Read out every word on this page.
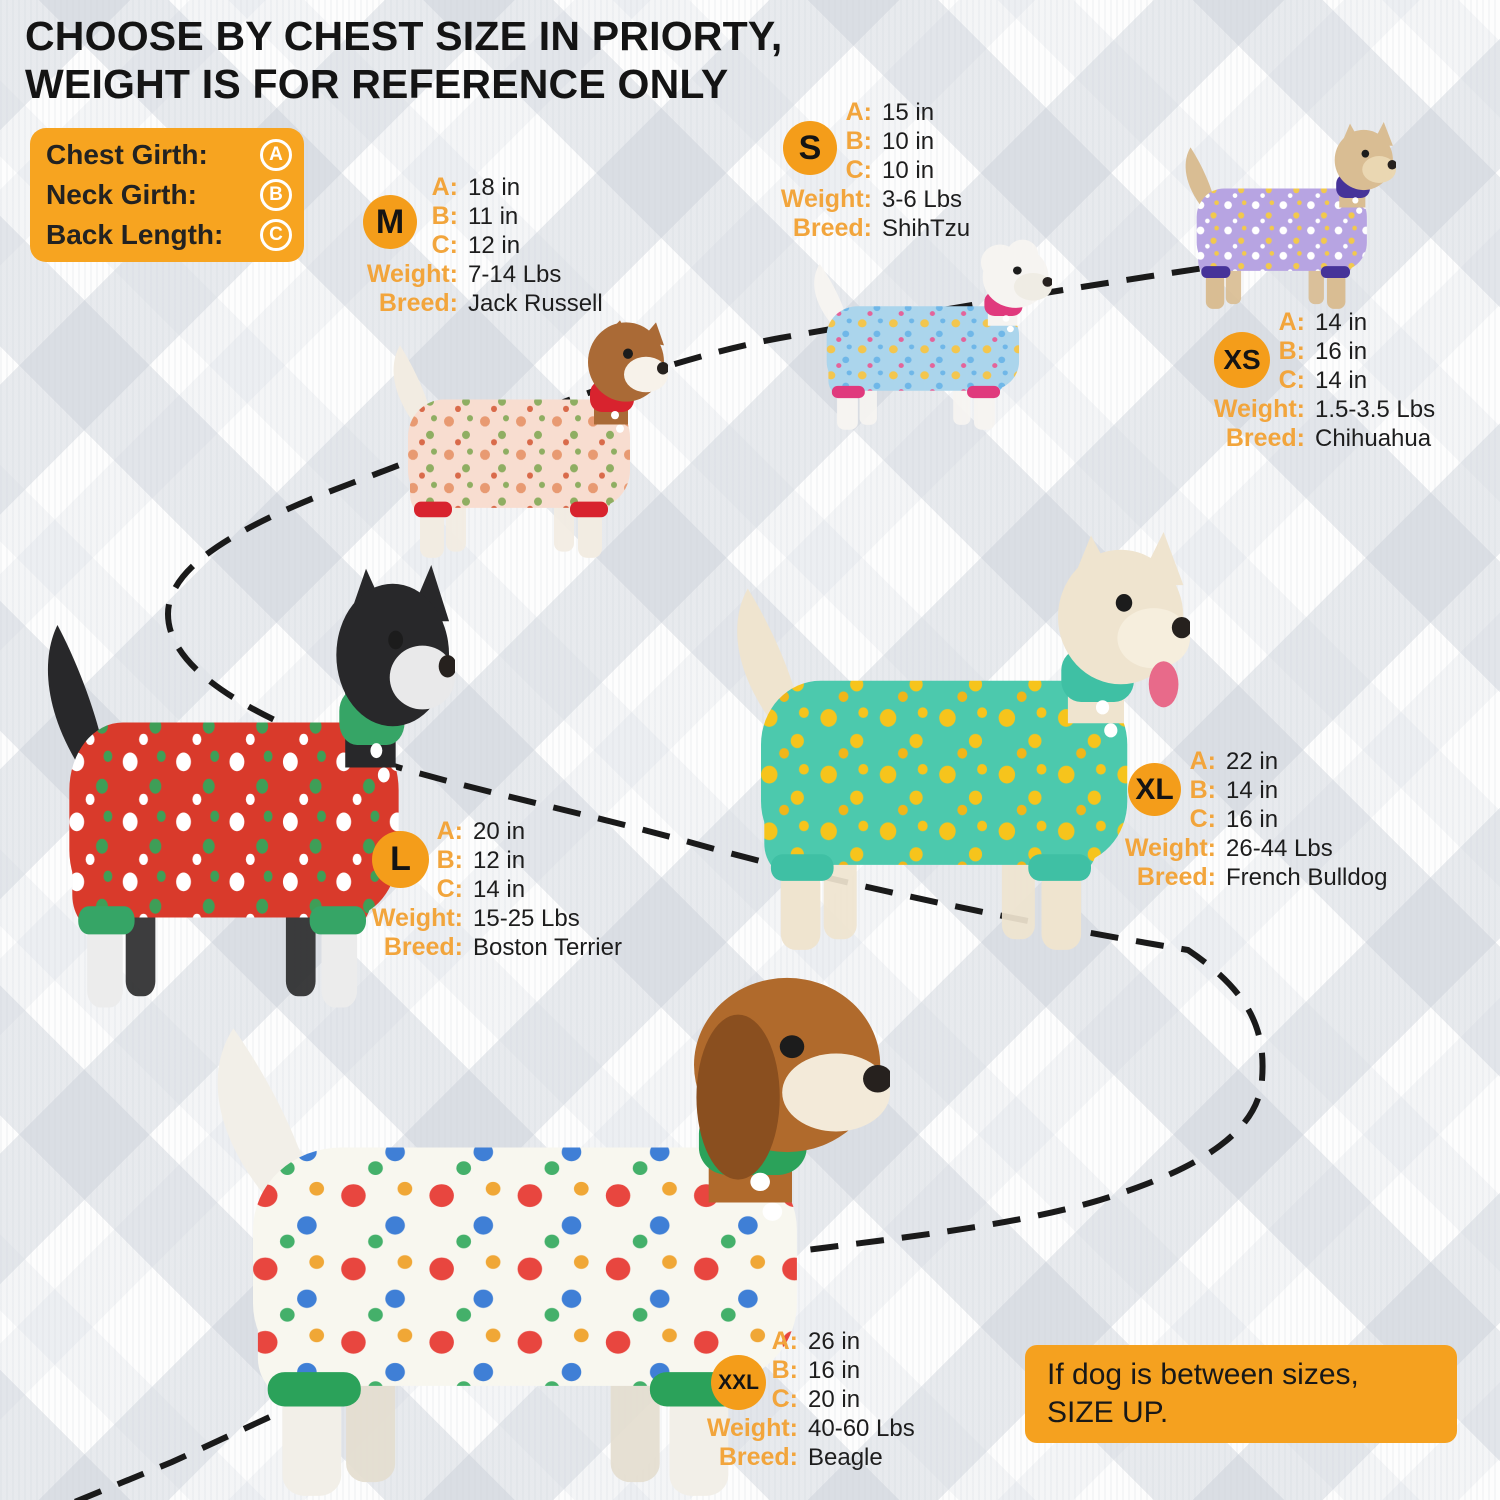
CHOOSE BY CHEST SIZE IN PRIORTY,
WEIGHT IS FOR REFERENCE ONLY
Chest Girth:	A
Neck Girth:	B
Back Length:	C	M
A: 18 in
B: 11 in
C: 12 in
Weight: 7-14 Lbs
Breed: Jack Russell
S
A: 15 in
B: 10 in
C: 10 in
Weight: 3-6 Lbs
Breed: ShihTzu
XS
A: 14 in
B: 16 in
C: 14 in
Weight: 1.5-3.5 Lbs
Breed: Chihuahua
L
A: 20 in
B: 12 in
C: 14 in
Weight: 15-25 Lbs
Breed: Boston Terrier
XL
A: 22 in
B: 14 in
C: 16 in
Weight: 26-44 Lbs
Breed: French Bulldog
XXL
A: 26 in
B: 16 in
C: 20 in
Weight: 40-60 Lbs
Breed: Beagle
If dog is between sizes,
SIZE UP.
